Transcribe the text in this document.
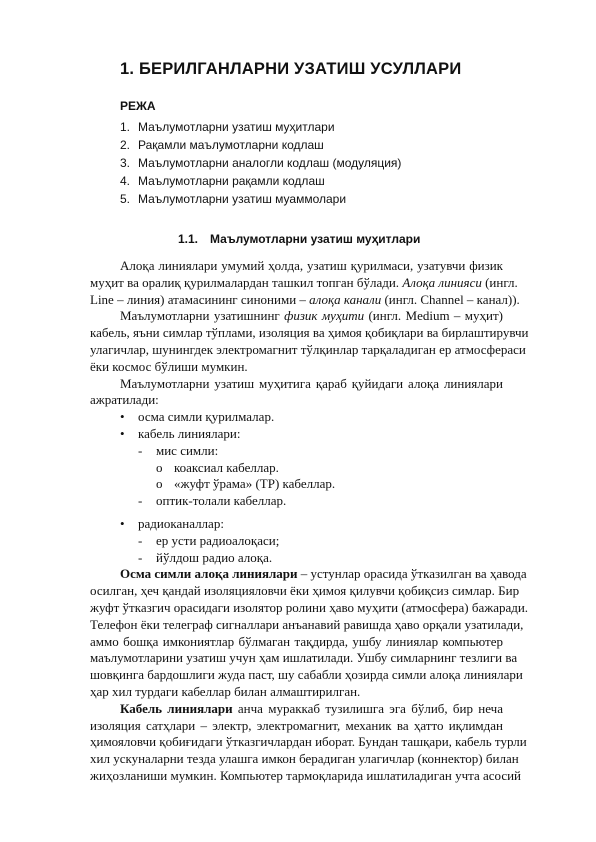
1. БЕРИЛГАНЛАРНИ УЗАТИШ УСУЛЛАРИ
РЕЖА
1. Маълумотларни узатиш муҳитлари
2. Рақамли маълумотларни кодлаш
3. Маълумотларни аналогли кодлаш (модуляция)
4. Маълумотларни рақамли кодлаш
5. Маълумотларни узатиш муаммолари
1.1. Маълумотларни узатиш муҳитлари

Алоқа линиялари умумий ҳолда, узатиш қурилмаси, узатувчи физик
муҳит ва оралиқ қурилмалардан ташкил топган бўлади. Алоқа линияси (ингл.
Line – линия) атамасининг синоними – алоқа канали (ингл. Channel – канал)).

Маълумотларни узатишнинг физик муҳити (ингл. Medium – муҳит)
кабель, яъни симлар тўплами, изоляция ва ҳимоя қобиқлари ва бирлаштирувчи
улагичлар, шунингдек электромагнит тўлқинлар тарқаладиган ер атмосфераси
ёки космос бўлиши мумкин.

Маълумотларни узатиш муҳитига қараб қуйидаги алоқа линиялари
ажратилади:

• осма симли қурилмалар.
• кабель линиялари:
- мис симли:
o коаксиал кабеллар.
o «жуфт ўрама» (TP) кабеллар.
- оптик-толали кабеллар.
• радиоканаллар:
- ер усти радиоалоқаси;
- йўлдош радио алоқа.

Осма симли алоқа линиялари – устунлар орасида ўтказилган ва ҳавода
осилган, ҳеч қандай изоляцияловчи ёки ҳимоя қилувчи қобиқсиз симлар. Бир
жуфт ўтказгич орасидаги изолятор ролини ҳаво муҳити (атмосфера) бажаради.
Телефон ёки телеграф сигналлари анъанавий равишда ҳаво орқали узатилади,
аммо бошқа имкониятлар бўлмаган тақдирда, ушбу линиялар компьютер
маълумотларини узатиш учун ҳам ишлатилади. Ушбу симларнинг тезлиги ва
шовқинга бардошлиги жуда паст, шу сабабли ҳозирда симли алоқа линиялари
ҳар хил турдаги кабеллар билан алмаштирилган.

Кабель линиялари анча мураккаб тузилишга эга бўлиб, бир неча
изоляция сатҳлари – электр, электромагнит, механик ва ҳатто иқлимдан
ҳимояловчи қобиғидаги ўтказгичлардан иборат. Бундан ташқари, кабель турли
хил ускуналарни тезда улашга имкон берадиган улагичлар (коннектор) билан
жиҳозланиши мумкин. Компьютер тармоқларида ишлатиладиган учта асосий
